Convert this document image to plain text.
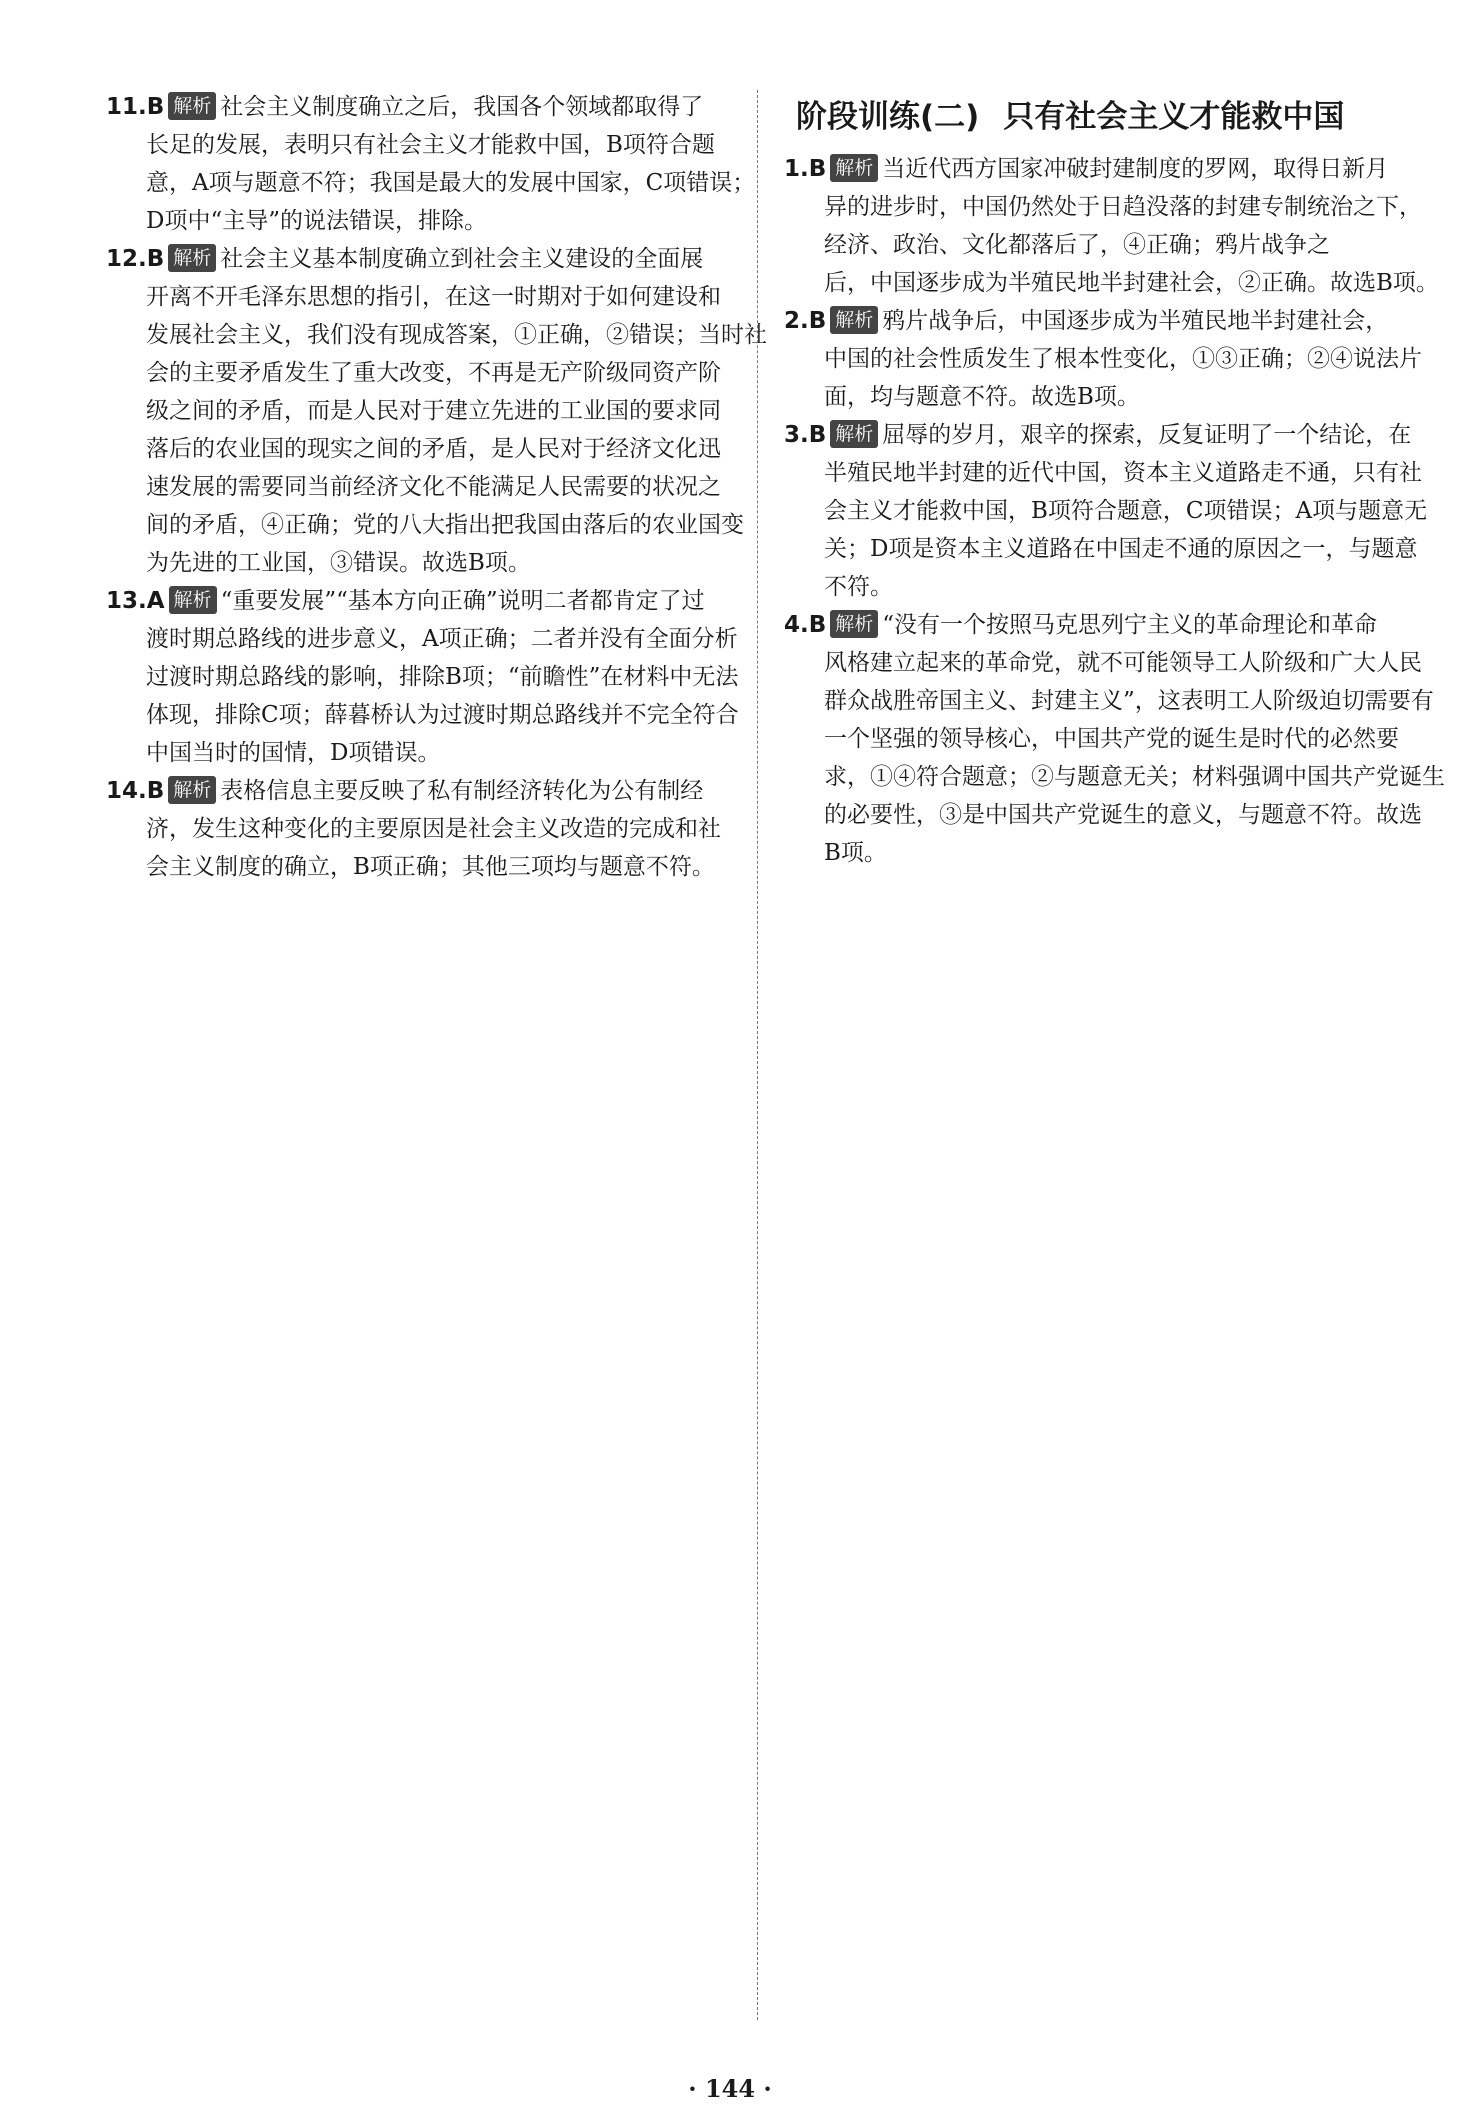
11.B 解析 社会主义制度确立之后，我国各个领域都取得了
长足的发展，表明只有社会主义才能救中国，B项符合题
意，A项与题意不符；我国是最大的发展中国家，C项错误；
D项中“主导”的说法错误，排除。
12.B 解析 社会主义基本制度确立到社会主义建设的全面展
开离不开毛泽东思想的指引，在这一时期对于如何建设和
发展社会主义，我们没有现成答案，①正确，②错误；当时社
会的主要矛盾发生了重大改变，不再是无产阶级同资产阶
级之间的矛盾，而是人民对于建立先进的工业国的要求同
落后的农业国的现实之间的矛盾，是人民对于经济文化迅
速发展的需要同当前经济文化不能满足人民需要的状况之
间的矛盾，④正确；党的八大指出把我国由落后的农业国变
为先进的工业国，③错误。故选B项。
13.A 解析 “重要发展”“基本方向正确”说明二者都肯定了过
渡时期总路线的进步意义，A项正确；二者并没有全面分析
过渡时期总路线的影响，排除B项；“前瞻性”在材料中无法
体现，排除C项；薛暮桥认为过渡时期总路线并不完全符合
中国当时的国情，D项错误。
14.B 解析 表格信息主要反映了私有制经济转化为公有制经
济，发生这种变化的主要原因是社会主义改造的完成和社
会主义制度的确立，B项正确；其他三项均与题意不符。
阶段训练(二) 只有社会主义才能救中国
1.B 解析 当近代西方国家冲破封建制度的罗网，取得日新月
异的进步时，中国仍然处于日趋没落的封建专制统治之下，
经济、政治、文化都落后了，④正确；鸦片战争之
后，中国逐步成为半殖民地半封建社会，②正确。故选B项。
2.B 解析 鸦片战争后，中国逐步成为半殖民地半封建社会，
中国的社会性质发生了根本性变化，①③正确；②④说法片
面，均与题意不符。故选B项。
3.B 解析 屈辱的岁月，艰辛的探索，反复证明了一个结论，在
半殖民地半封建的近代中国，资本主义道路走不通，只有社
会主义才能救中国，B项符合题意，C项错误；A项与题意无
关；D项是资本主义道路在中国走不通的原因之一，与题意
不符。
4.B 解析 “没有一个按照马克思列宁主义的革命理论和革命
风格建立起来的革命党，就不可能领导工人阶级和广大人民
群众战胜帝国主义、封建主义”，这表明工人阶级迫切需要有
一个坚强的领导核心，中国共产党的诞生是时代的必然要
求，①④符合题意；②与题意无关；材料强调中国共产党诞生
的必要性，③是中国共产党诞生的意义，与题意不符。故选
B项。
· 144 ·
